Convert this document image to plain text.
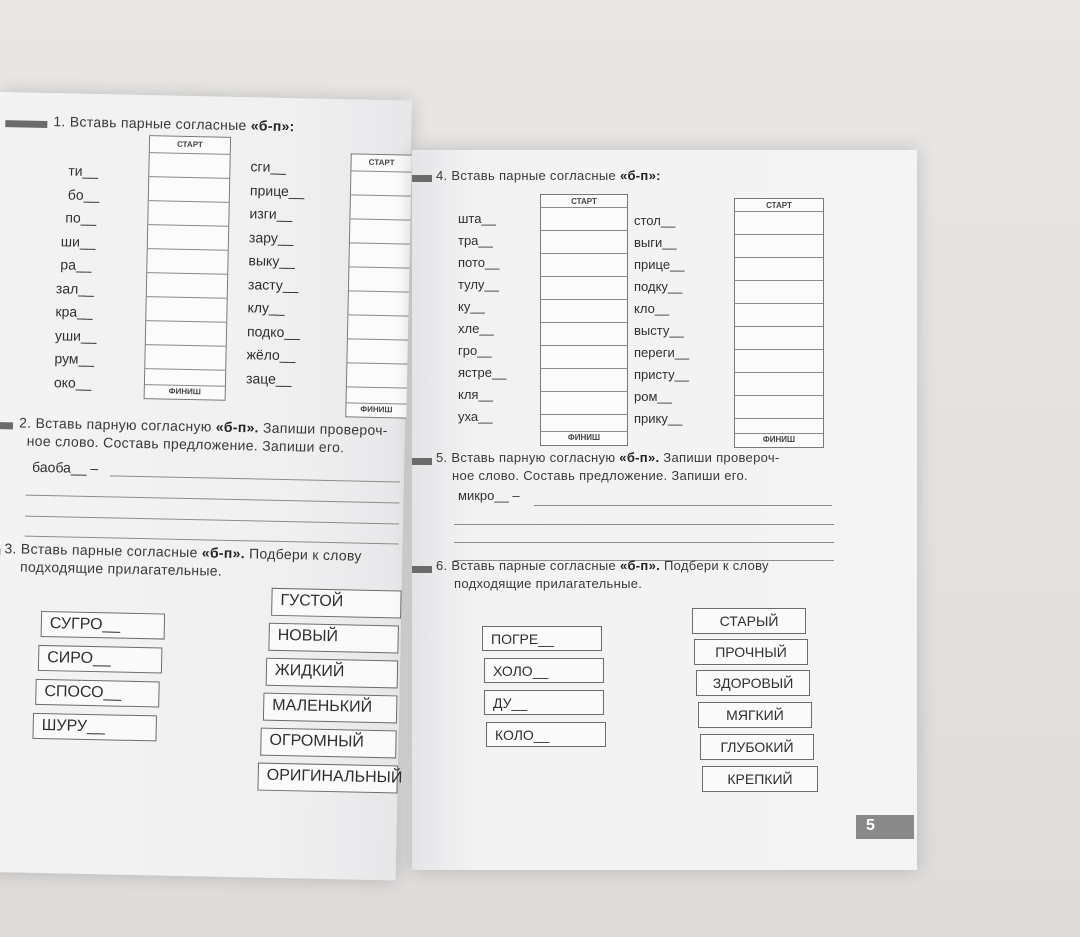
1. Вставь парные согласные «б-п»:
ти__
бо__
по__
ши__
ра__
зал__
кра__
уши__
рум__
око__
СТАРТ
ФИНИШ
сги__
прице__
изги__
зару__
выку__
засту__
клу__
подко__
жёло__
заце__
СТАРТ
ФИНИШ
2. Вставь парную согласную «б-п». Запиши провероч-
ное слово. Составь предложение. Запиши его.
баоба__ –
3. Вставь парные согласные «б-п». Подбери к слову
подходящие прилагательные.
СУГРО__
СИРО__
СПОСО__
ШУРУ__
ГУСТОЙ
НОВЫЙ
ЖИДКИЙ
МАЛЕНЬКИЙ
ОГРОМНЫЙ
ОРИГИНАЛЬНЫЙ
4. Вставь парные согласные «б-п»:
шта__
тра__
пото__
тулу__
ку__
хле__
гро__
ястре__
кля__
уха__
СТАРТ
ФИНИШ
стол__
выги__
прице__
подку__
кло__
высту__
переги__
присту__
ром__
прику__
СТАРТ
ФИНИШ
5. Вставь парную согласную «б-п». Запиши провероч-
ное слово. Составь предложение. Запиши его.
микро__ –
6. Вставь парные согласные «б-п». Подбери к слову
подходящие прилагательные.
ПОГРЕ__
ХОЛО__
ДУ__
КОЛО__
СТАРЫЙ
ПРОЧНЫЙ
ЗДОРОВЫЙ
МЯГКИЙ
ГЛУБОКИЙ
КРЕПКИЙ
5
